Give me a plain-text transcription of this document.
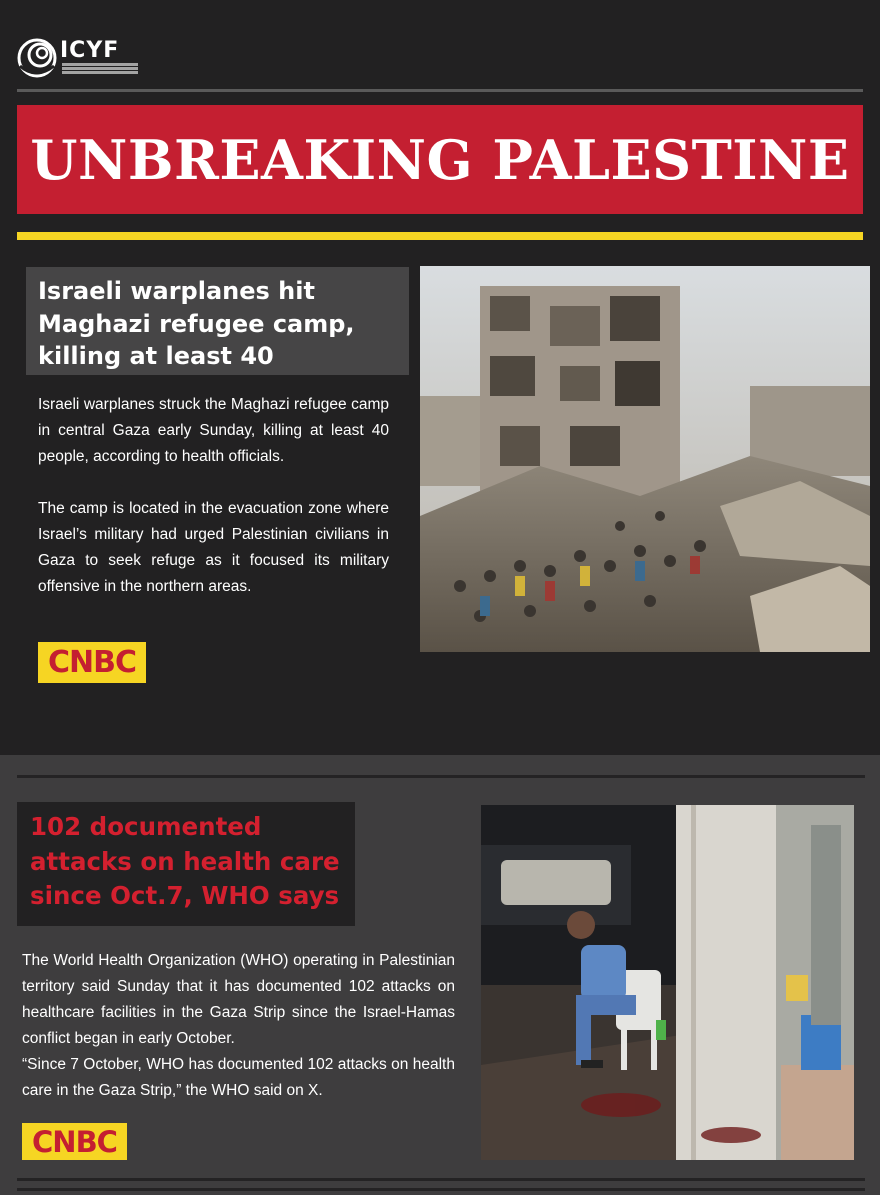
ICYF
UNBREAKING PALESTINE
Israeli warplanes hit Maghazi refugee camp, killing at least 40

Israeli warplanes struck the Maghazi refugee camp in central Gaza early Sunday, killing at least 40 people, according to health officials.

The camp is located in the evacuation zone where Israel’s military had urged Palestinian civilians in Gaza to seek refuge as it focused its military offensive in the northern areas.

CNBC
102 documented attacks on health care since Oct.7, WHO says

The World Health Organization (WHO) operating in Palestinian territory said Sunday that it has documented 102 attacks on healthcare facilities in the Gaza Strip since the Israel-Hamas conflict began in early October.

“Since 7 October, WHO has documented 102 attacks on health care in the Gaza Strip,” the WHO said on X.

CNBC
